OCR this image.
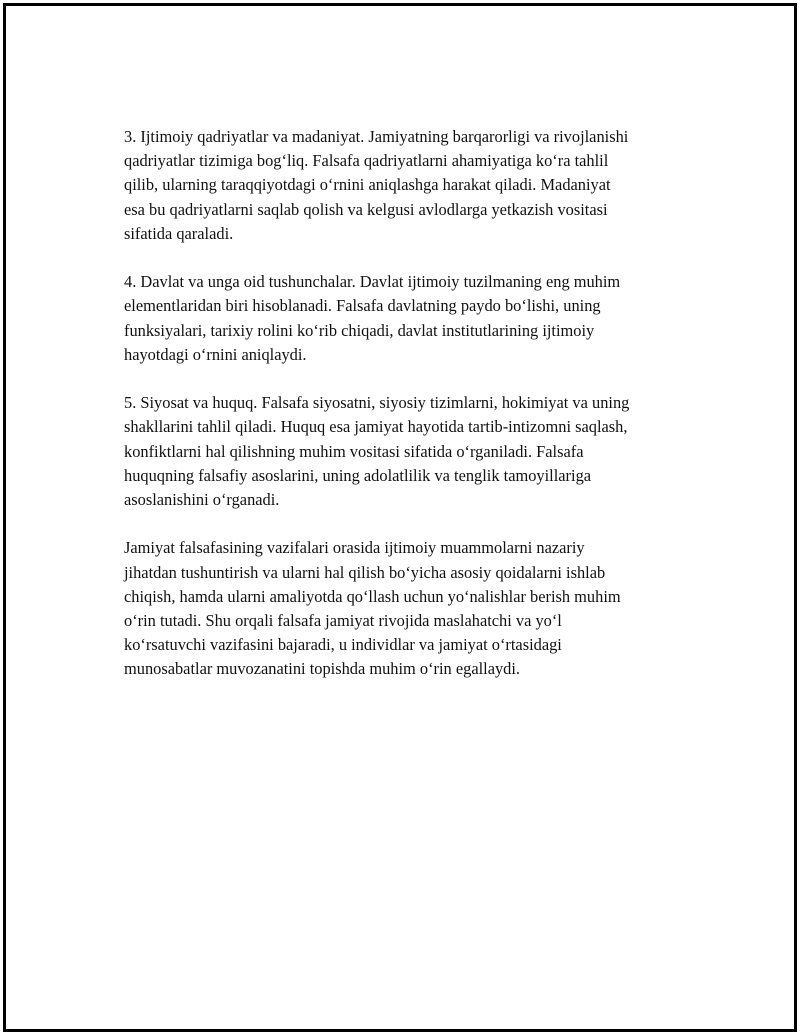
3. Ijtimoiy qadriyatlar va madaniyat. Jamiyatning barqarorligi va rivojlanishi
qadriyatlar tizimiga bog‘liq. Falsafa qadriyatlarni ahamiyatiga ko‘ra tahlil
qilib, ularning taraqqiyotdagi o‘rnini aniqlashga harakat qiladi. Madaniyat
esa bu qadriyatlarni saqlab qolish va kelgusi avlodlarga yetkazish vositasi
sifatida qaraladi.

4. Davlat va unga oid tushunchalar. Davlat ijtimoiy tuzilmaning eng muhim
elementlaridan biri hisoblanadi. Falsafa davlatning paydo bo‘lishi, uning
funksiyalari, tarixiy rolini ko‘rib chiqadi, davlat institutlarining ijtimoiy
hayotdagi o‘rnini aniqlaydi.

5. Siyosat va huquq. Falsafa siyosatni, siyosiy tizimlarni, hokimiyat va uning
shakllarini tahlil qiladi. Huquq esa jamiyat hayotida tartib-intizomni saqlash,
konfiktlarni hal qilishning muhim vositasi sifatida o‘rganiladi. Falsafa
huquqning falsafiy asoslarini, uning adolatlilik va tenglik tamoyillariga
asoslanishini o‘rganadi.

Jamiyat falsafasining vazifalari orasida ijtimoiy muammolarni nazariy
jihatdan tushuntirish va ularni hal qilish bo‘yicha asosiy qoidalarni ishlab
chiqish, hamda ularni amaliyotda qo‘llash uchun yo‘nalishlar berish muhim
o‘rin tutadi. Shu orqali falsafa jamiyat rivojida maslahatchi va yo‘l
ko‘rsatuvchi vazifasini bajaradi, u individlar va jamiyat o‘rtasidagi
munosabatlar muvozanatini topishda muhim o‘rin egallaydi.
